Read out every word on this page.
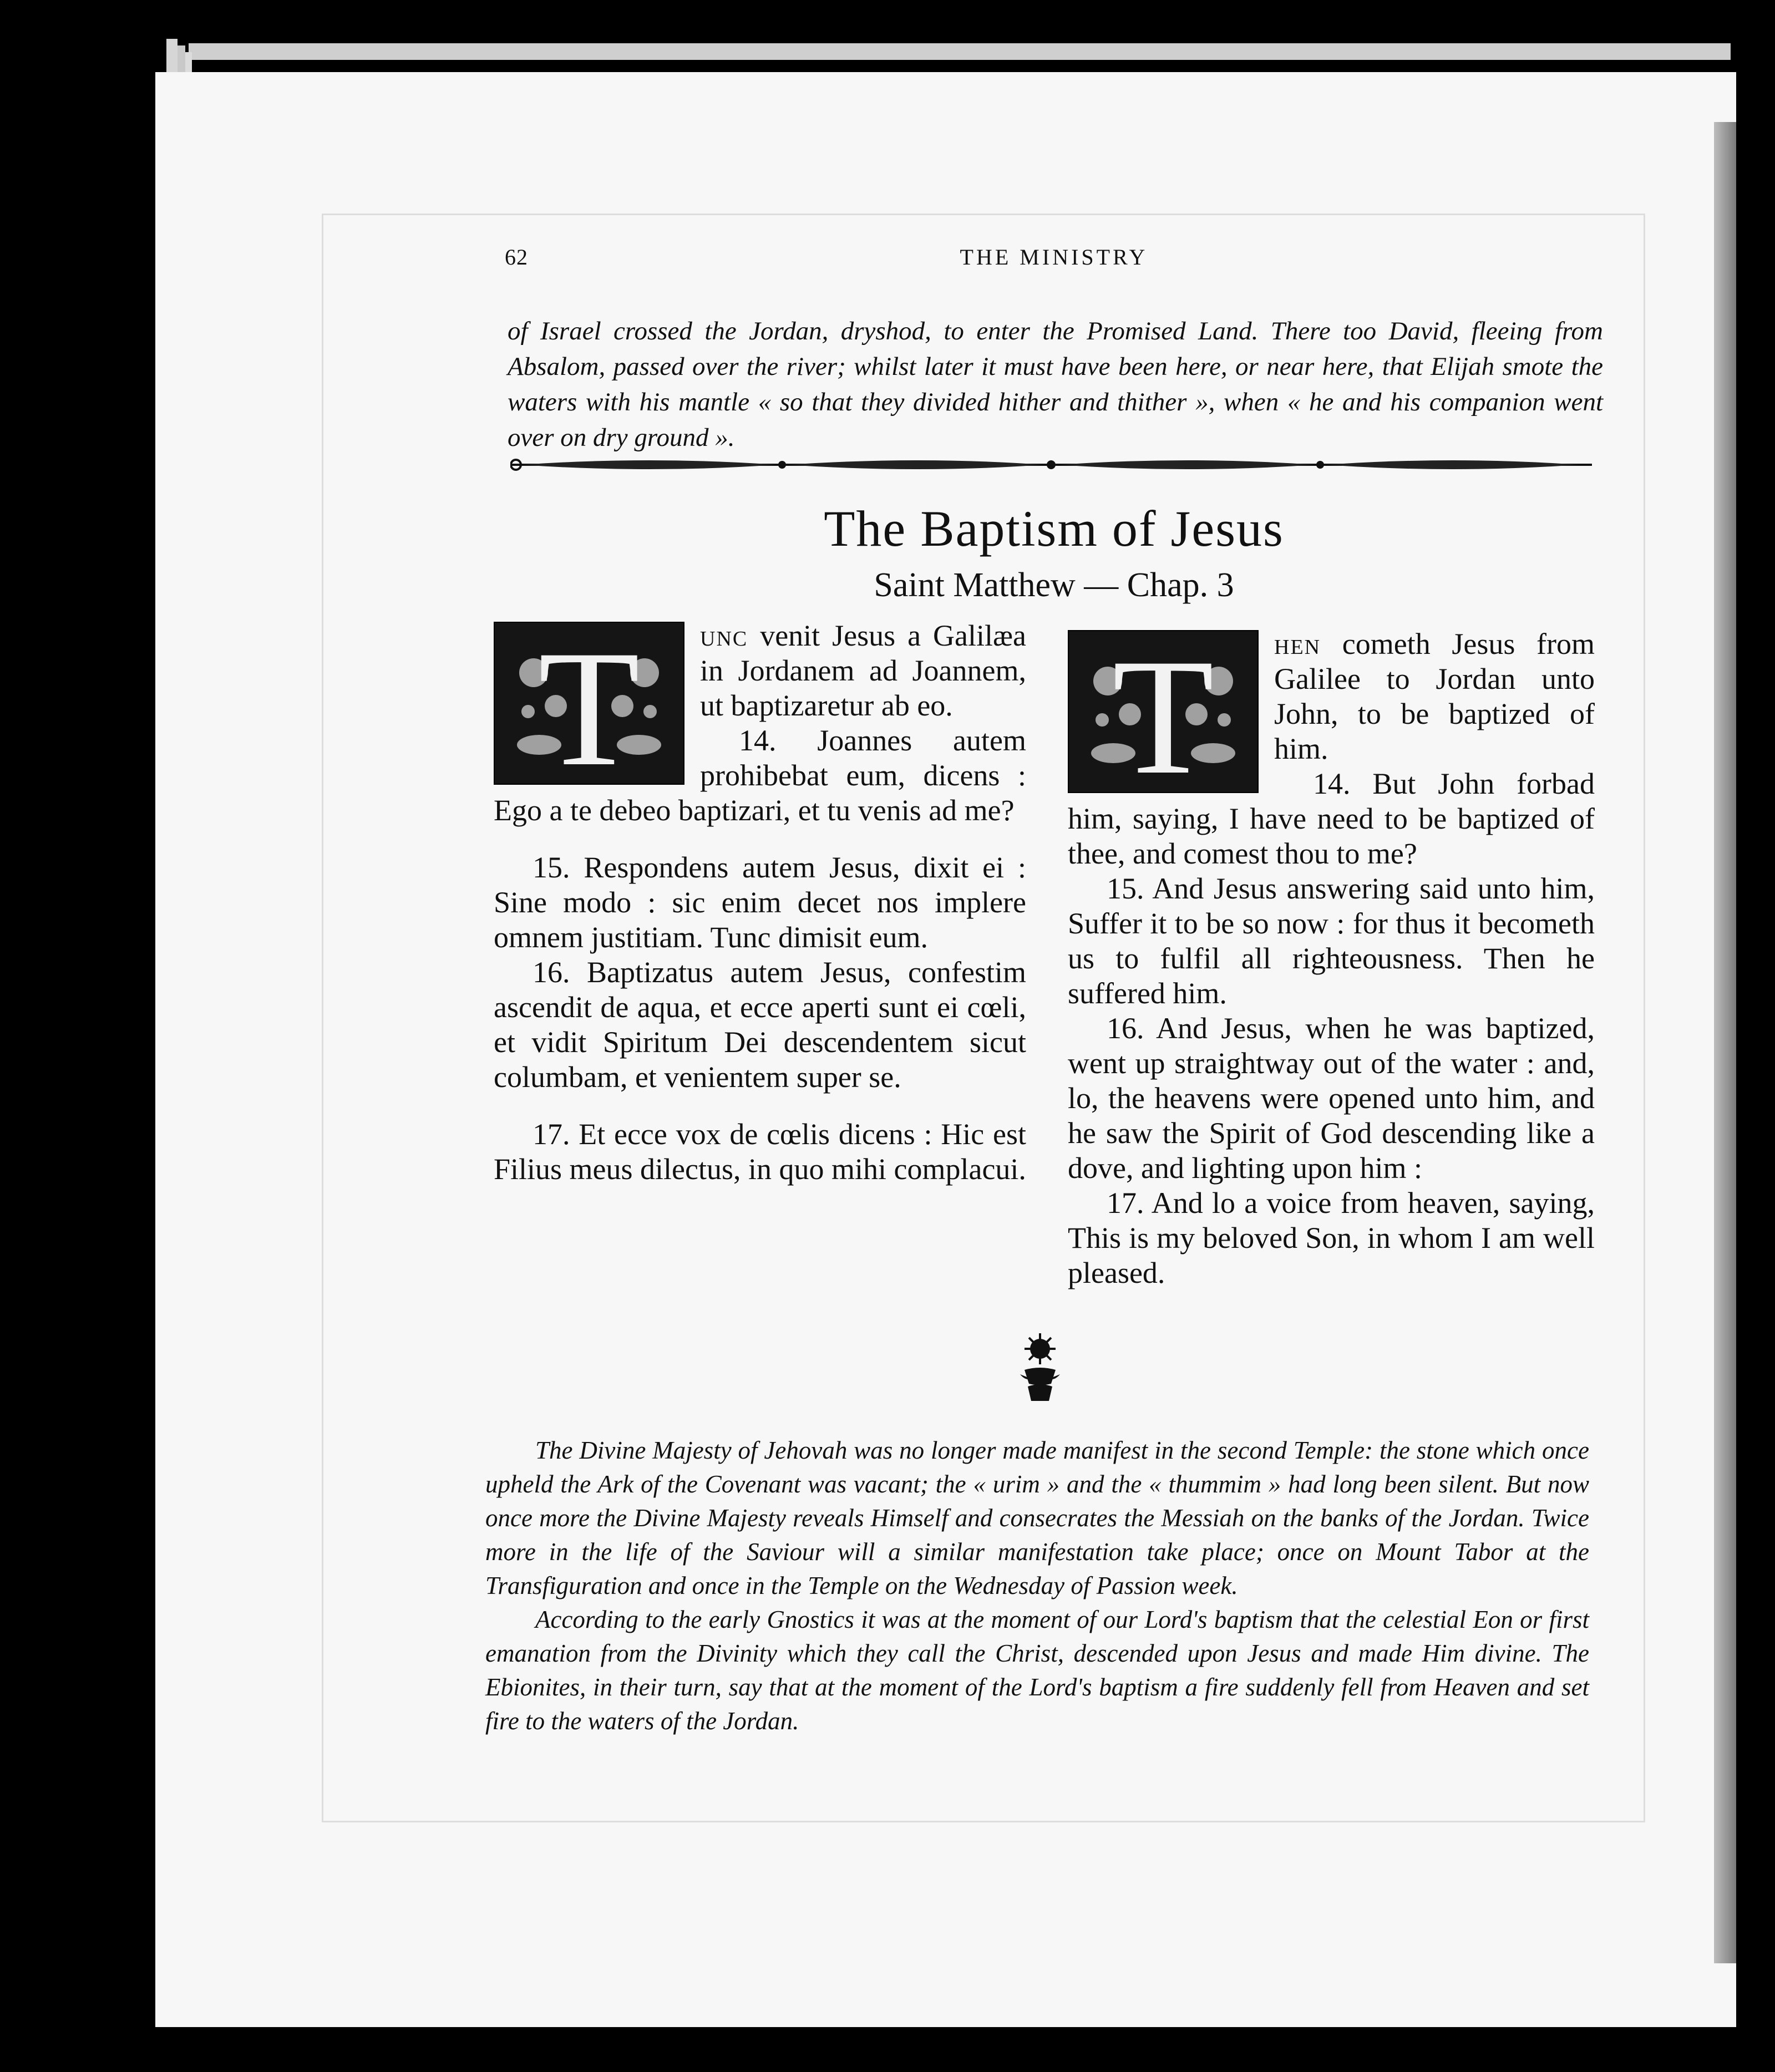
62	THE MINISTRY

of Israel crossed the Jordan, dryshod, to enter the Promised Land. There too David, fleeing from Absalom, passed over the river; whilst later it must have been here, or near here, that Elijah smote the waters with his mantle « so that they divided hither and thither », when « he and his companion went over on dry ground ».

The Baptism of Jesus
Saint Matthew — Chap. 3
T	unc venit Jesus a Galilæa in Jordanem ad Joannem, ut baptizaretur ab eo.

14. Joannes autem prohibebat eum, dicens : Ego a te debeo baptizari, et tu venis ad me?

15. Respondens autem Jesus, dixit ei : Sine modo : sic enim decet nos implere omnem justitiam. Tunc dimisit eum.

16. Baptizatus autem Jesus, confestim ascendit de aqua, et ecce aperti sunt ei cœli, et vidit Spiritum Dei descendentem sicut columbam, et venientem super se.

17. Et ecce vox de cœlis dicens : Hic est Filius meus dilectus, in quo mihi complacui.

T	hen cometh Jesus from Galilee to Jordan unto John, to be baptized of him.

14. But John forbad him, saying, I have need to be baptized of thee, and comest thou to me?

15. And Jesus answering said unto him, Suffer it to be so now : for thus it becometh us to fulfil all righteousness. Then he suffered him.

16. And Jesus, when he was baptized, went up straightway out of the water : and, lo, the heavens were opened unto him, and he saw the Spirit of God descending like a dove, and lighting upon him :

17. And lo a voice from heaven, saying, This is my beloved Son, in whom I am well pleased.

The Divine Majesty of Jehovah was no longer made manifest in the second Temple: the stone which once upheld the Ark of the Covenant was vacant; the « urim » and the « thummim » had long been silent. But now once more the Divine Majesty reveals Himself and consecrates the Messiah on the banks of the Jordan. Twice more in the life of the Saviour will a similar manifestation take place; once on Mount Tabor at the Transfiguration and once in the Temple on the Wednesday of Passion week.

According to the early Gnostics it was at the moment of our Lord's baptism that the celestial Eon or first emanation from the Divinity which they call the Christ, descended upon Jesus and made Him divine. The Ebionites, in their turn, say that at the moment of the Lord's baptism a fire suddenly fell from Heaven and set fire to the waters of the Jordan.
